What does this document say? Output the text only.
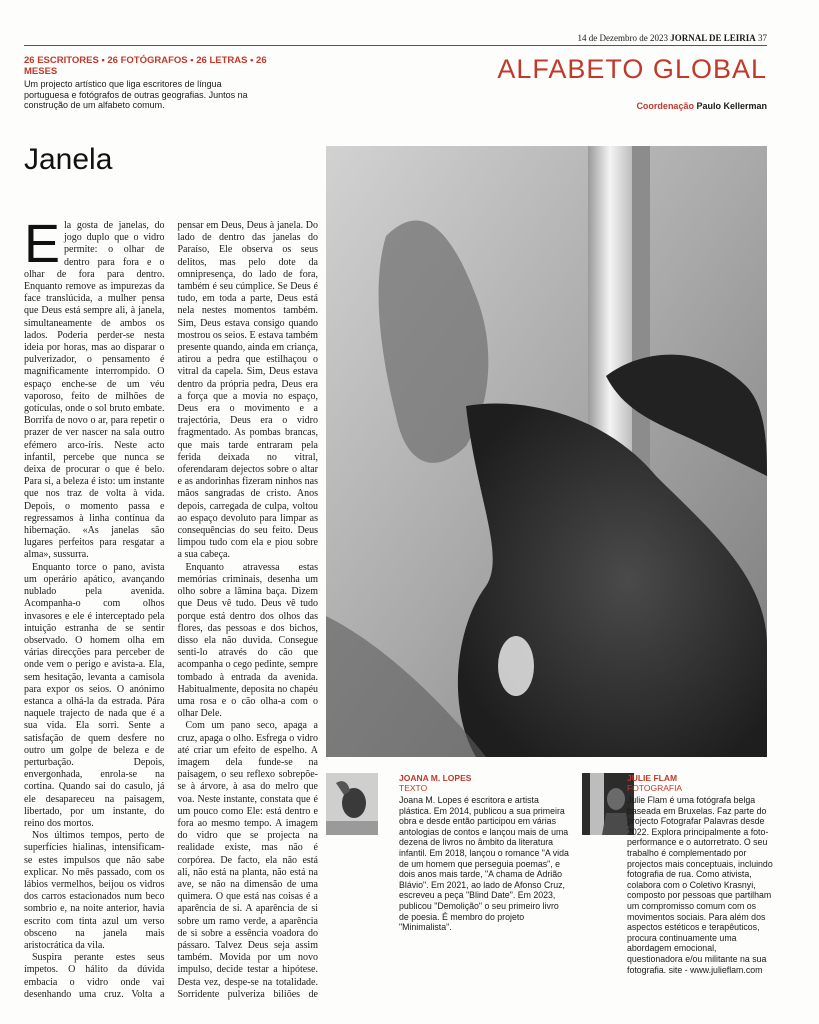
14 de Dezembro de 2023 JORNAL DE LEIRIA 37
26 ESCRITORES • 26 FOTÓGRAFOS • 26 LETRAS • 26 MESES
Um projecto artístico que liga escritores de língua portuguesa e fotógrafos de outras geografias. Juntos na construção de um alfabeto comum.
ALFABETO GLOBAL
Coordenação Paulo Kellerman
Janela

Ela gosta de janelas, do jogo duplo que o vidro permite: o olhar de dentro para fora e o olhar de fora para dentro. Enquanto remove as impurezas da face translúcida, a mulher pensa que Deus está sempre ali, à janela, simultaneamente de ambos os lados. Poderia perder-se nesta ideia por horas, mas ao disparar o pulverizador, o pensamento é magnificamente interrompido. O espaço enche-se de um véu vaporoso, feito de milhões de gotículas, onde o sol bruto embate. Borrifa de novo o ar, para repetir o prazer de ver nascer na sala outro efémero arco-íris. Neste acto infantil, percebe que nunca se deixa de procurar o que é belo. Para si, a beleza é isto: um instante que nos traz de volta à vida. Depois, o momento passa e regressamos à linha contínua da hibernação. «As janelas são lugares perfeitos para resgatar a alma», sussurra.

Enquanto torce o pano, avista um operário apático, avançando nublado pela avenida. Acompanha-o com olhos invasores e ele é interceptado pela intuição estranha de se sentir observado. O homem olha em várias direcções para perceber de onde vem o perigo e avista-a. Ela, sem hesitação, levanta a camisola para expor os seios. O anónimo estanca a olhá-la da estrada. Pára naquele trajecto de nada que é a sua vida. Ela sorri. Sente a satisfação de quem desfere no outro um golpe de beleza e de perturbação. Depois, envergonhada, enrola-se na cortina. Quando sai do casulo, já ele desapareceu na paisagem, libertado, por um instante, do reino dos mortos.

Nos últimos tempos, perto de superfícies hialinas, intensificam-se estes impulsos que não sabe explicar. No mês passado, com os lábios vermelhos, beijou os vidros dos carros estacionados num beco sombrio e, na noite anterior, havia escrito com tinta azul um verso obsceno na janela mais aristocrática da vila.

Suspira perante estes seus ímpetos. O hálito da dúvida embacia o vidro onde vai desenhando uma cruz. Volta a pensar em Deus, Deus à janela. Do lado de dentro das janelas do Paraíso, Ele observa os seus delitos, mas pelo dote da omnipresença, do lado de fora, também é seu cúmplice. Se Deus é tudo, em toda a parte, Deus está nela nestes momentos também. Sim, Deus estava consigo quando mostrou os seios. E estava também presente quando, ainda em criança, atirou a pedra que estilhaçou o vitral da capela. Sim, Deus estava dentro da própria pedra, Deus era a força que a movia no espaço, Deus era o movimento e a trajectória, Deus era o vidro fragmentado. As pombas brancas, que mais tarde entraram pela ferida deixada no vitral, oferendaram dejectos sobre o altar e as andorinhas fizeram ninhos nas mãos sangradas de cristo. Anos depois, carregada de culpa, voltou ao espaço devoluto para limpar as consequências do seu feito. Deus limpou tudo com ela e piou sobre a sua cabeça.

Enquanto atravessa estas memórias criminais, desenha um olho sobre a lâmina baça. Dizem que Deus vê tudo. Deus vê tudo porque está dentro dos olhos das flores, das pessoas e dos bichos, disso ela não duvida. Consegue senti-lo através do cão que acompanha o cego pedinte, sempre tombado à entrada da avenida. Habitualmente, deposita no chapéu uma rosa e o cão olha-a com o olhar Dele.

Com um pano seco, apaga a cruz, apaga o olho. Esfrega o vidro até criar um efeito de espelho. A imagem dela funde-se na paisagem, o seu reflexo sobrepõe-se à árvore, à asa do melro que voa. Neste instante, constata que é um pouco como Ele: está dentro e fora ao mesmo tempo. A imagem do vidro que se projecta na realidade existe, mas não é corpórea. De facto, ela não está ali, não está na planta, não está na ave, se não na dimensão de uma quimera. O que está nas coisas é a aparência de si. A aparência de si sobre um ramo verde, a aparência de si sobre a essência voadora do pássaro. Talvez Deus seja assim também. Movida por um novo impulso, decide testar a hipótese. Desta vez, despe-se na totalidade. Sorridente pulveriza biliões de

JOANA M. LOPES
TEXTO
Joana M. Lopes é escritora e artista plástica. Em 2014, publicou a sua primeira obra e desde então participou em várias antologias de contos e lançou mais de uma dezena de livros no âmbito da literatura infantil. Em 2018, lançou o romance "A vida de um homem que perseguia poemas", e dois anos mais tarde, "A chama de Adrião Blávio". Em 2021, ao lado de Afonso Cruz, escreveu a peça "Blind Date". Em 2023, publicou "Demolição" o seu primeiro livro de poesia. É membro do projeto "Minimalista".
JULIE FLAM
FOTOGRAFIA
Julie Flam é uma fotógrafa belga baseada em Bruxelas. Faz parte do projecto Fotografar Palavras desde 2022. Explora principalmente a foto-performance e o autorretrato. O seu trabalho é complementado por projectos mais conceptuais, incluindo fotografia de rua. Como ativista, colabora com o Coletivo Krasnyi, composto por pessoas que partilham um compromisso comum com os movimentos sociais. Para além dos aspectos estéticos e terapêuticos, procura continuamente uma abordagem emocional, questionadora e/ou militante na sua fotografia. site - www.julieflam.com
